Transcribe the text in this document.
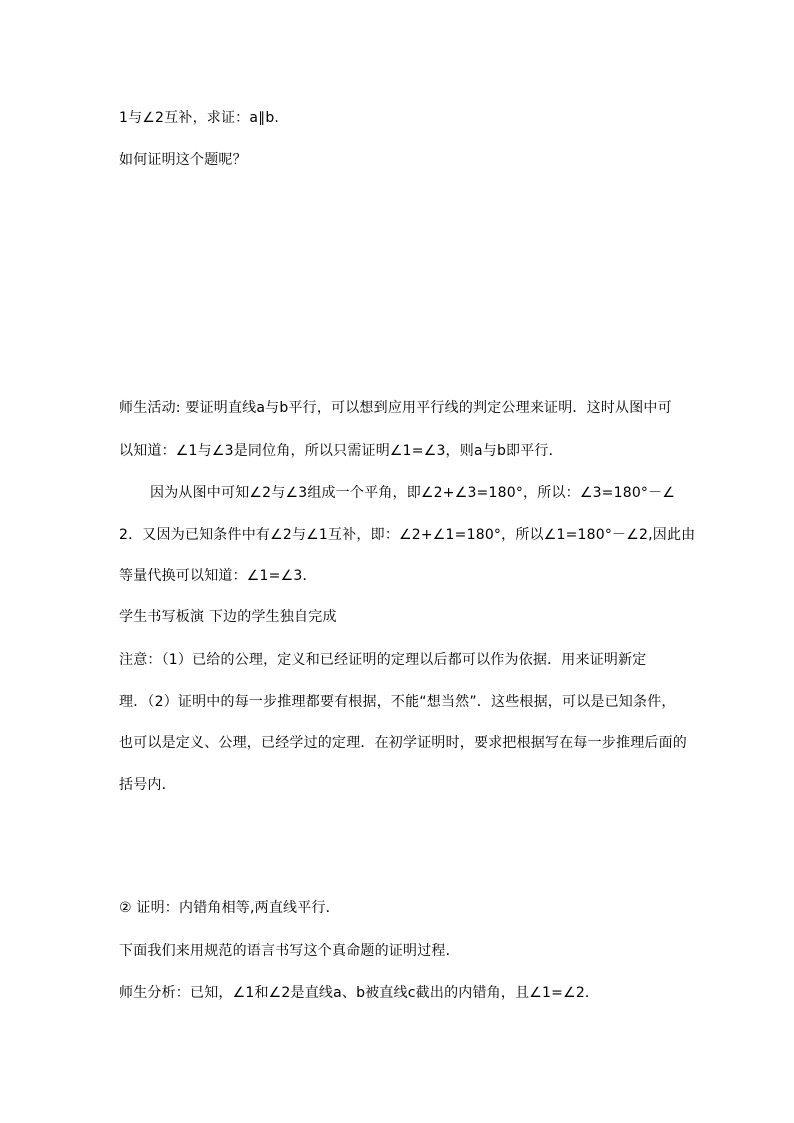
1与∠2互补，求证：a∥b.
如何证明这个题呢？
师生活动: 要证明直线a与b平行，可以想到应用平行线的判定公理来证明．这时从图中可
以知道：∠1与∠3是同位角，所以只需证明∠1=∠3，则a与b即平行．
因为从图中可知∠2与∠3组成一个平角，即∠2+∠3=180°，所以：∠3=180°－∠
2．又因为已知条件中有∠2与∠1互补，即：∠2+∠1=180°，所以∠1=180°－∠2,因此由
等量代换可以知道：∠1=∠3．
学生书写板演 下边的学生独自完成
注意：（1）已给的公理，定义和已经证明的定理以后都可以作为依据．用来证明新定
理．（2）证明中的每一步推理都要有根据，不能“想当然”．这些根据，可以是已知条件，
也可以是定义、公理，已经学过的定理．在初学证明时，要求把根据写在每一步推理后面的
括号内．
② 证明：内错角相等,两直线平行．
下面我们来用规范的语言书写这个真命题的证明过程．
师生分析：已知，∠1和∠2是直线a、b被直线c截出的内错角，且∠1=∠2．
